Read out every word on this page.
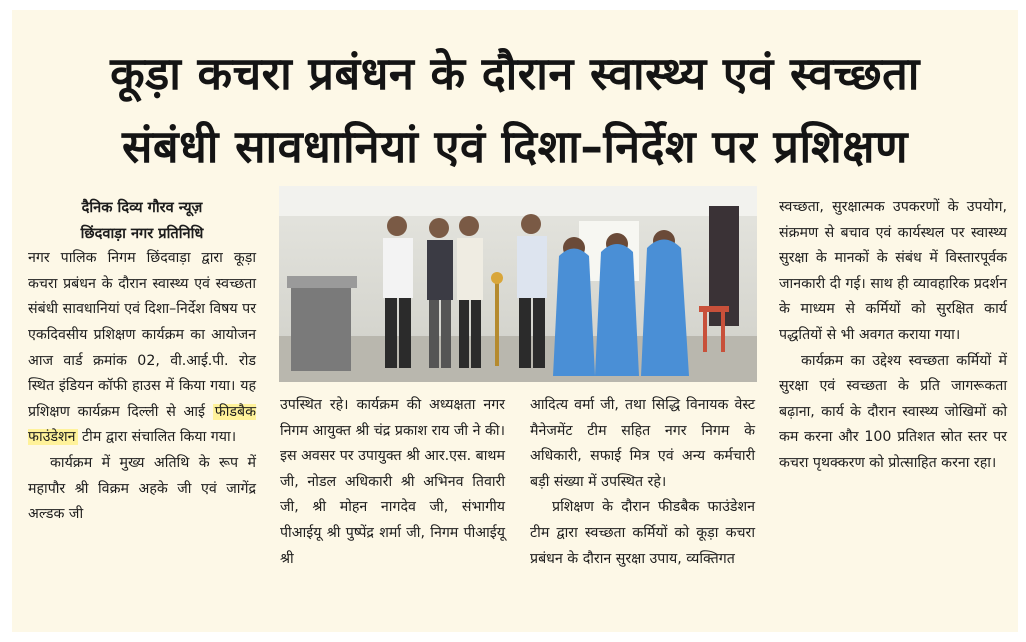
कूड़ा कचरा प्रबंधन के दौरान स्वास्थ्य एवं स्वच्छता
संबंधी सावधानियां एवं दिशा–निर्देश पर प्रशिक्षण

दैनिक दिव्य गौरव न्यूज़

छिंदवाड़ा नगर प्रतिनिधि

नगर पालिक निगम छिंदवाड़ा द्वारा कूड़ा कचरा प्रबंधन के दौरान स्वास्थ्य एवं स्वच्छता संबंधी सावधानियां एवं दिशा–निर्देश विषय पर एकदिवसीय प्रशिक्षण कार्यक्रम का आयोजन आज वार्ड क्रमांक 02, वी.आई.पी. रोड स्थित इंडियन कॉफी हाउस में किया गया। यह प्रशिक्षण कार्यक्रम दिल्ली से आई फीडबैक फाउंडेशन टीम द्वारा संचालित किया गया।

कार्यक्रम में मुख्य अतिथि के रूप में महापौर श्री विक्रम अहके जी एवं जागेंद्र अल्डक जी

उपस्थित रहे। कार्यक्रम की अध्यक्षता नगर निगम आयुक्त श्री चंद्र प्रकाश राय जी ने की। इस अवसर पर उपायुक्त श्री आर.एस. बाथम जी, नोडल अधिकारी श्री अभिनव तिवारी जी, श्री मोहन नागदेव जी, संभागीय पीआईयू श्री पुष्पेंद्र शर्मा जी, निगम पीआईयू श्री

आदित्य वर्मा जी, तथा सिद्धि विनायक वेस्ट मैनेजमेंट टीम सहित नगर निगम के अधिकारी, सफाई मित्र एवं अन्य कर्मचारी बड़ी संख्या में उपस्थित रहे।

प्रशिक्षण के दौरान फीडबैक फाउंडेशन टीम द्वारा स्वच्छता कर्मियों को कूड़ा कचरा प्रबंधन के दौरान सुरक्षा उपाय, व्यक्तिगत

स्वच्छता, सुरक्षात्मक उपकरणों के उपयोग, संक्रमण से बचाव एवं कार्यस्थल पर स्वास्थ्य सुरक्षा के मानकों के संबंध में विस्तारपूर्वक जानकारी दी गई। साथ ही व्यावहारिक प्रदर्शन के माध्यम से कर्मियों को सुरक्षित कार्य पद्धतियों से भी अवगत कराया गया।

कार्यक्रम का उद्देश्य स्वच्छता कर्मियों में सुरक्षा एवं स्वच्छता के प्रति जागरूकता बढ़ाना, कार्य के दौरान स्वास्थ्य जोखिमों को कम करना और 100 प्रतिशत स्रोत स्तर पर कचरा पृथक्करण को प्रोत्साहित करना रहा।
